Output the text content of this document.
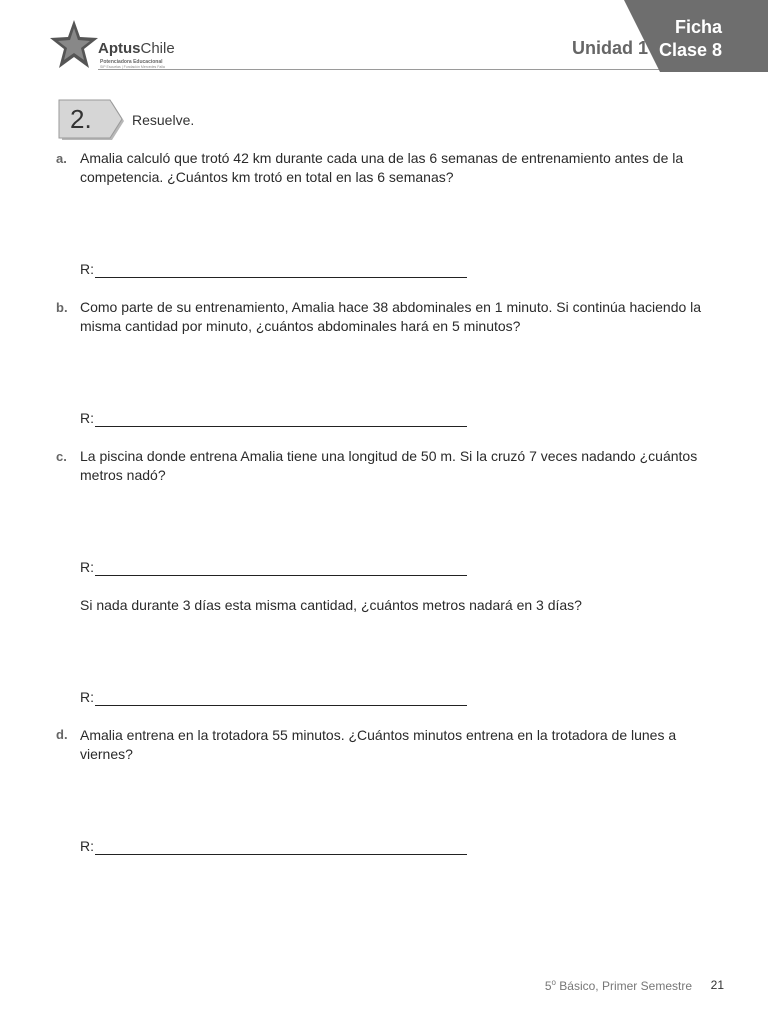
AptusChile
Potenciadora Educacional
SIP Escuelas | Fundación Mercedes Falla
Unidad 1
Ficha
Clase 8
2.	Resuelve.
a. Amalia calculó que trotó 42 km durante cada una de las 6 semanas de entrenamiento antes de la competencia. ¿Cuántos km trotó en total en las 6 semanas?
R:
b. Como parte de su entrenamiento, Amalia hace 38 abdominales en 1 minuto. Si continúa haciendo la misma cantidad por minuto, ¿cuántos abdominales hará en 5 minutos?
R:
c. La piscina donde entrena Amalia tiene una longitud de 50 m. Si la cruzó 7 veces nadando ¿cuántos metros nadó?
R:
Si nada durante 3 días esta misma cantidad, ¿cuántos metros nadará en 3 días?
R:
d. Amalia entrena en la trotadora 55 minutos. ¿Cuántos minutos entrena en la trotadora de lunes a viernes?
R:
5$^o$ Básico, Primer Semestre 21
